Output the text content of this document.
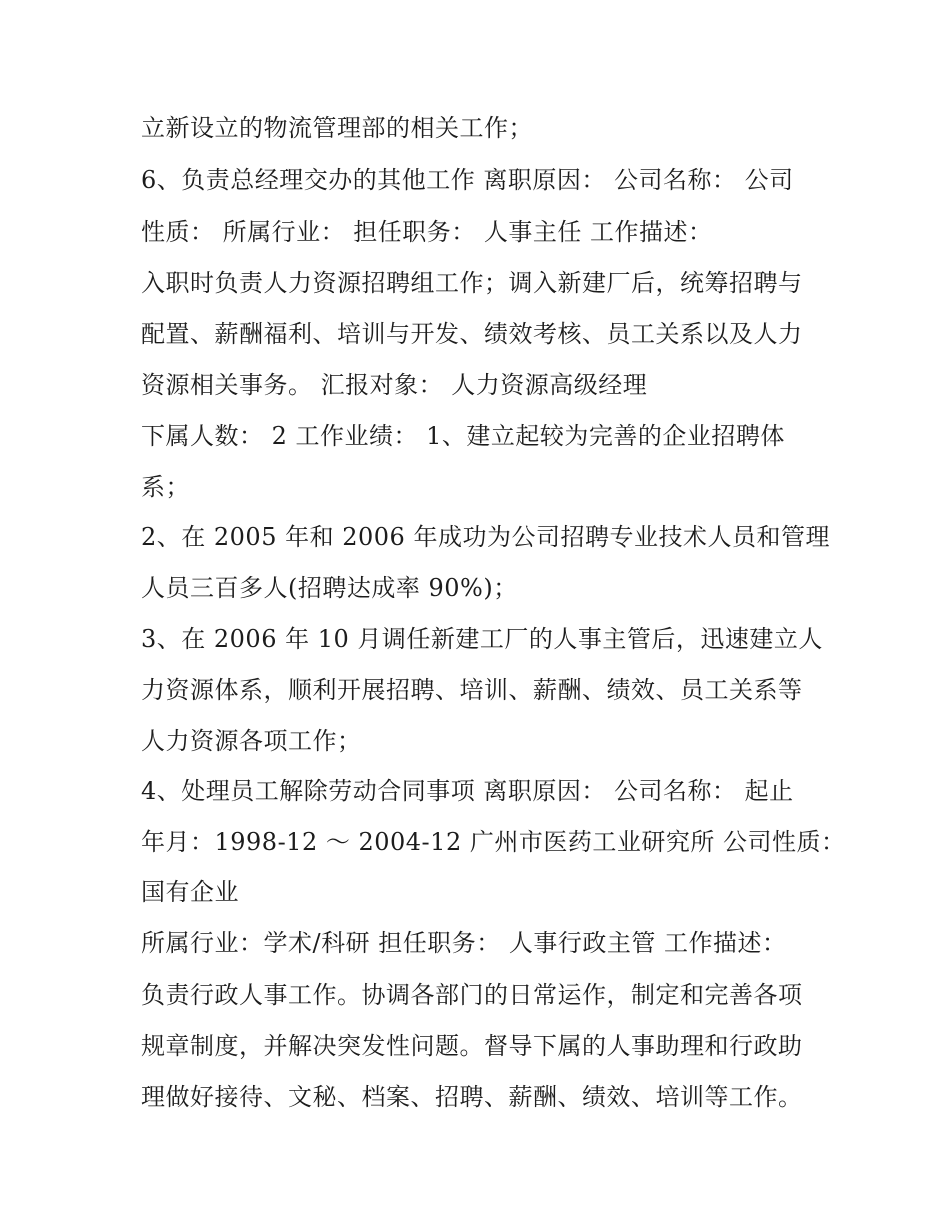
立新设立的物流管理部的相关工作；
6、负责总经理交办的其他工作 离职原因： 公司名称： 公司
性质： 所属行业： 担任职务： 人事主任 工作描述：
入职时负责人力资源招聘组工作；调入新建厂后，统筹招聘与
配置、薪酬福利、培训与开发、绩效考核、员工关系以及人力
资源相关事务。 汇报对象： 人力资源高级经理
下属人数： 2 工作业绩： 1、建立起较为完善的企业招聘体
系；
2、在 2005 年和 2006 年成功为公司招聘专业技术人员和管理
人员三百多人(招聘达成率 90%)；
3、在 2006 年 10 月调任新建工厂的人事主管后，迅速建立人
力资源体系，顺利开展招聘、培训、薪酬、绩效、员工关系等
人力资源各项工作；
4、处理员工解除劳动合同事项 离职原因： 公司名称： 起止
年月：1998-12 ～ 2004-12 广州市医药工业研究所 公司性质：
国有企业
所属行业：学术/科研 担任职务： 人事行政主管 工作描述：
负责行政人事工作。协调各部门的日常运作，制定和完善各项
规章制度，并解决突发性问题。督导下属的人事助理和行政助
理做好接待、文秘、档案、招聘、薪酬、绩效、培训等工作。
